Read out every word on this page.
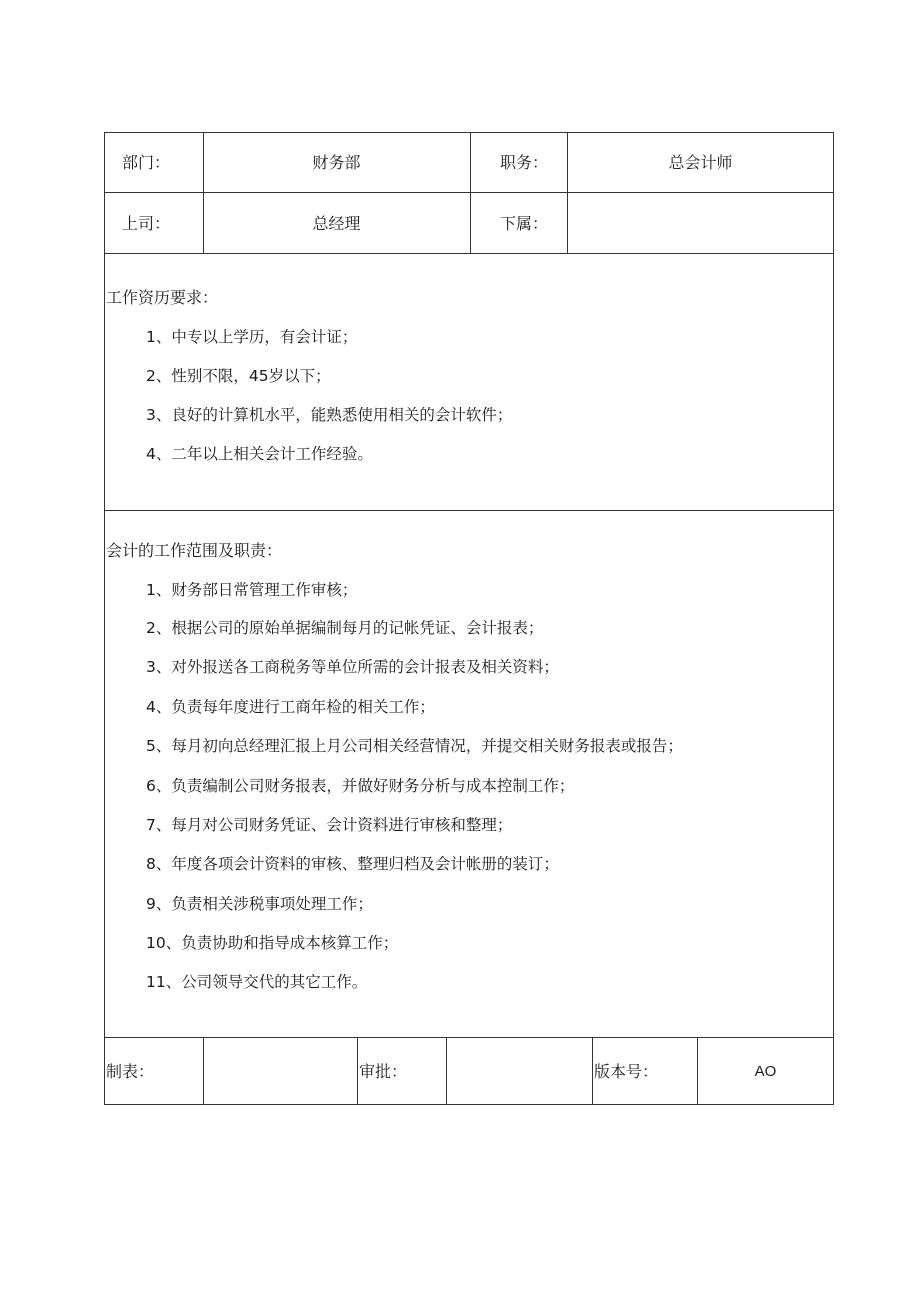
部门：	财务部	职务：	总会计师
上司：	总经理	下属：
工作资历要求：
1、中专以上学历，有会计证；
2、性别不限，45岁以下；
3、良好的计算机水平，能熟悉使用相关的会计软件；
4、二年以上相关会计工作经验。
会计的工作范围及职责：
1、财务部日常管理工作审核；
2、根据公司的原始单据编制每月的记帐凭证、会计报表；
3、对外报送各工商税务等单位所需的会计报表及相关资料；
4、负责每年度进行工商年检的相关工作；
5、每月初向总经理汇报上月公司相关经营情况，并提交相关财务报表或报告；
6、负责编制公司财务报表，并做好财务分析与成本控制工作；
7、每月对公司财务凭证、会计资料进行审核和整理；
8、年度各项会计资料的审核、整理归档及会计帐册的装订；
9、负责相关涉税事项处理工作；
10、负责协助和指导成本核算工作；
11、公司领导交代的其它工作。
制表：	审批：	版本号：	AO
